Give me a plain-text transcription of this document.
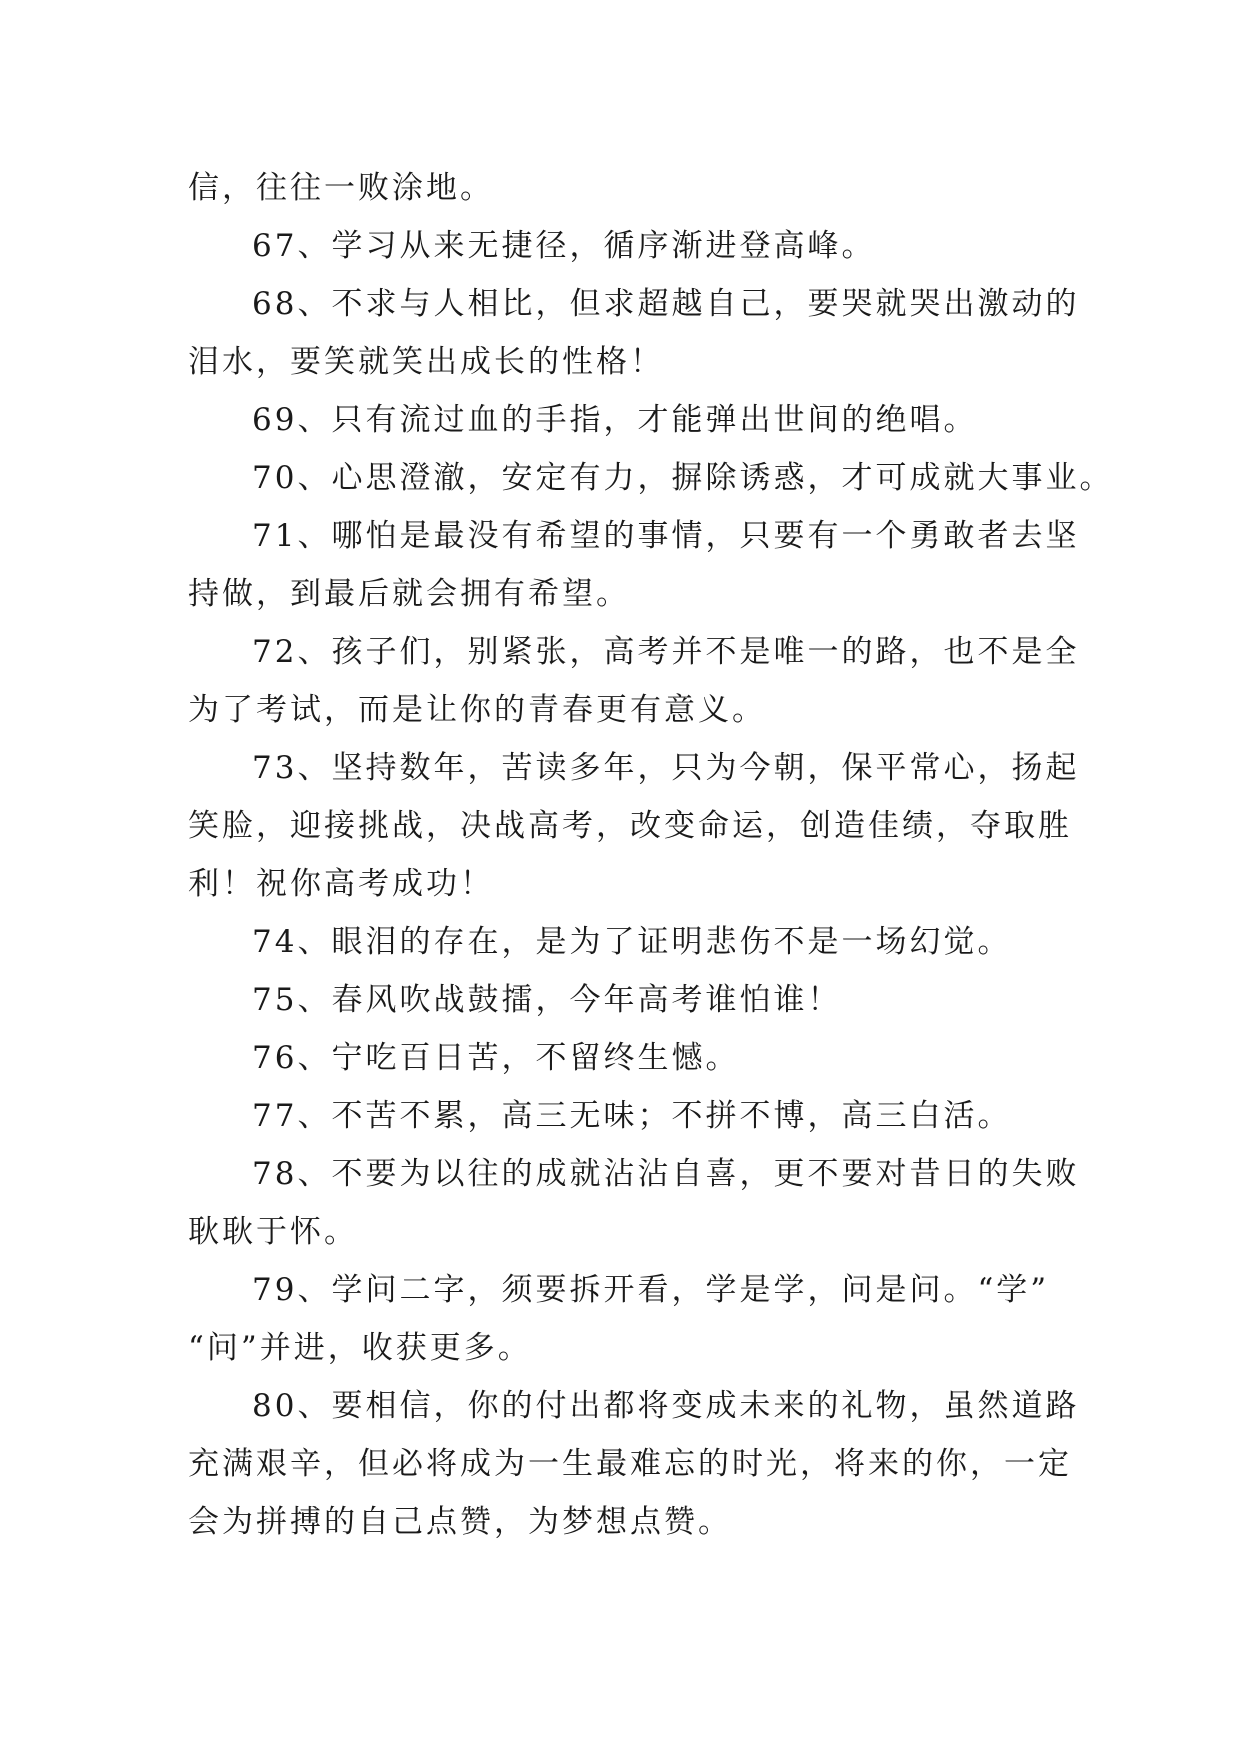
信，往往一败涂地。

67、学习从来无捷径，循序渐进登高峰。

68、不求与人相比，但求超越自己，要哭就哭出激动的
泪水，要笑就笑出成长的性格！

69、只有流过血的手指，才能弹出世间的绝唱。

70、心思澄澈，安定有力，摒除诱惑，才可成就大事业。

71、哪怕是最没有希望的事情，只要有一个勇敢者去坚
持做，到最后就会拥有希望。

72、孩子们，别紧张，高考并不是唯一的路，也不是全
为了考试，而是让你的青春更有意义。

73、坚持数年，苦读多年，只为今朝，保平常心，扬起
笑脸，迎接挑战，决战高考，改变命运，创造佳绩，夺取胜
利！祝你高考成功！

74、眼泪的存在，是为了证明悲伤不是一场幻觉。

75、春风吹战鼓擂，今年高考谁怕谁！

76、宁吃百日苦，不留终生憾。

77、不苦不累，高三无味；不拼不博，高三白活。

78、不要为以往的成就沾沾自喜，更不要对昔日的失败
耿耿于怀。

79、学问二字，须要拆开看，学是学，问是问。“学”
“问”并进，收获更多。

80、要相信，你的付出都将变成未来的礼物，虽然道路
充满艰辛，但必将成为一生最难忘的时光，将来的你，一定
会为拼搏的自己点赞，为梦想点赞。
